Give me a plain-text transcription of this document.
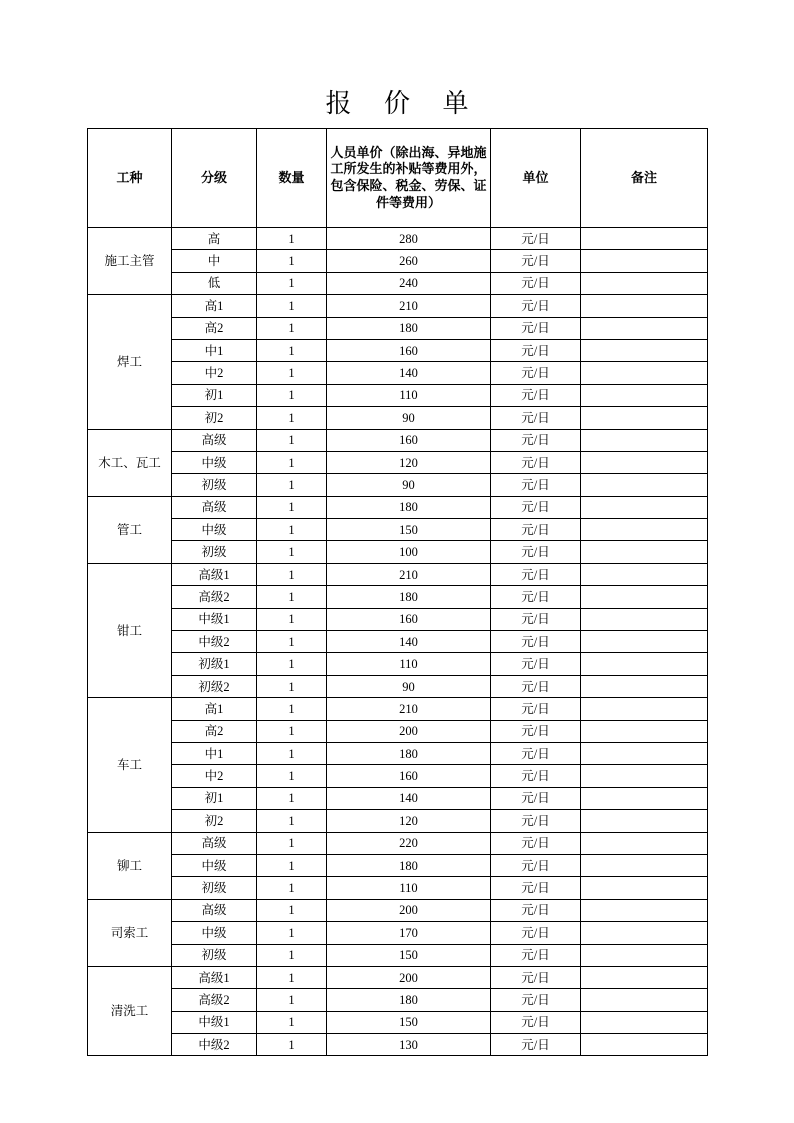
报 价 单
工种	分级	数量	人员单价（除出海、异地施工所发生的补贴等费用外，包含保险、税金、劳保、证件等费用）	单位	备注
施工主管	高	1	280	元/日	
	中	1	260	元/日	
	低	1	240	元/日	
焊工	高1	1	210	元/日	
	高2	1	180	元/日	
	中1	1	160	元/日	
	中2	1	140	元/日	
	初1	1	110	元/日	
	初2	1	90	元/日	
木工、瓦工	高级	1	160	元/日	
	中级	1	120	元/日	
	初级	1	90	元/日	
管工	高级	1	180	元/日	
	中级	1	150	元/日	
	初级	1	100	元/日	
钳工	高级1	1	210	元/日	
	高级2	1	180	元/日	
	中级1	1	160	元/日	
	中级2	1	140	元/日	
	初级1	1	110	元/日	
	初级2	1	90	元/日	
车工	高1	1	210	元/日	
	高2	1	200	元/日	
	中1	1	180	元/日	
	中2	1	160	元/日	
	初1	1	140	元/日	
	初2	1	120	元/日	
铆工	高级	1	220	元/日	
	中级	1	180	元/日	
	初级	1	110	元/日	
司索工	高级	1	200	元/日	
	中级	1	170	元/日	
	初级	1	150	元/日	
清洗工	高级1	1	200	元/日	
	高级2	1	180	元/日	
	中级1	1	150	元/日	
	中级2	1	130	元/日	
